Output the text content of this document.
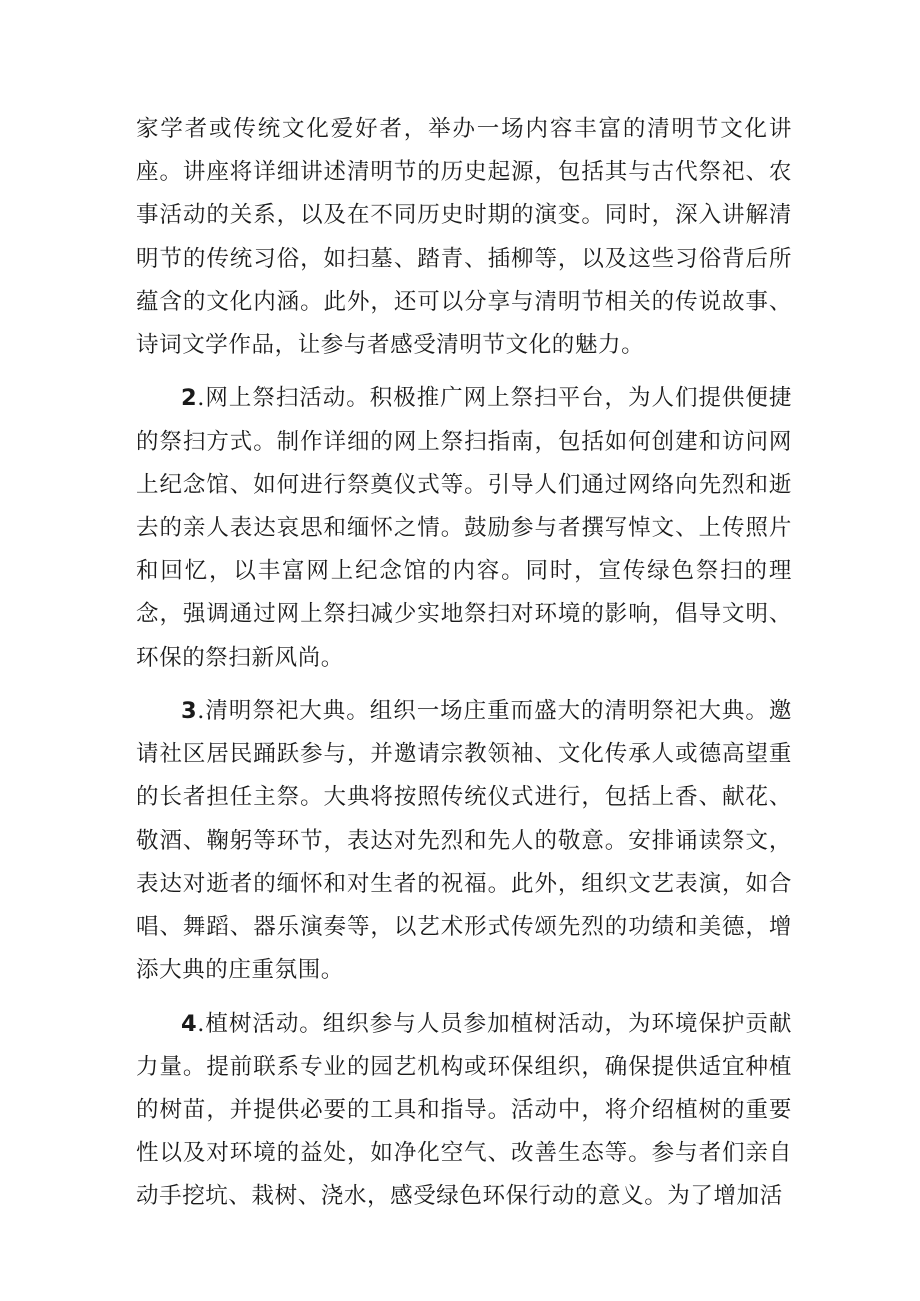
家学者或传统文化爱好者，举办一场内容丰富的清明节文化讲座。讲座将详细讲述清明节的历史起源，包括其与古代祭祀、农事活动的关系，以及在不同历史时期的演变。同时，深入讲解清明节的传统习俗，如扫墓、踏青、插柳等，以及这些习俗背后所蕴含的文化内涵。此外，还可以分享与清明节相关的传说故事、诗词文学作品，让参与者感受清明节文化的魅力。

2.网上祭扫活动。积极推广网上祭扫平台，为人们提供便捷的祭扫方式。制作详细的网上祭扫指南，包括如何创建和访问网上纪念馆、如何进行祭奠仪式等。引导人们通过网络向先烈和逝去的亲人表达哀思和缅怀之情。鼓励参与者撰写悼文、上传照片和回忆，以丰富网上纪念馆的内容。同时，宣传绿色祭扫的理念，强调通过网上祭扫减少实地祭扫对环境的影响，倡导文明、环保的祭扫新风尚。

3.清明祭祀大典。组织一场庄重而盛大的清明祭祀大典。邀请社区居民踊跃参与，并邀请宗教领袖、文化传承人或德高望重的长者担任主祭。大典将按照传统仪式进行，包括上香、献花、敬酒、鞠躬等环节，表达对先烈和先人的敬意。安排诵读祭文，表达对逝者的缅怀和对生者的祝福。此外，组织文艺表演，如合唱、舞蹈、器乐演奏等，以艺术形式传颂先烈的功绩和美德，增添大典的庄重氛围。

4.植树活动。组织参与人员参加植树活动，为环境保护贡献力量。提前联系专业的园艺机构或环保组织，确保提供适宜种植的树苗，并提供必要的工具和指导。活动中，将介绍植树的重要性以及对环境的益处，如净化空气、改善生态等。参与者们亲自动手挖坑、栽树、浇水，感受绿色环保行动的意义。为了增加活
